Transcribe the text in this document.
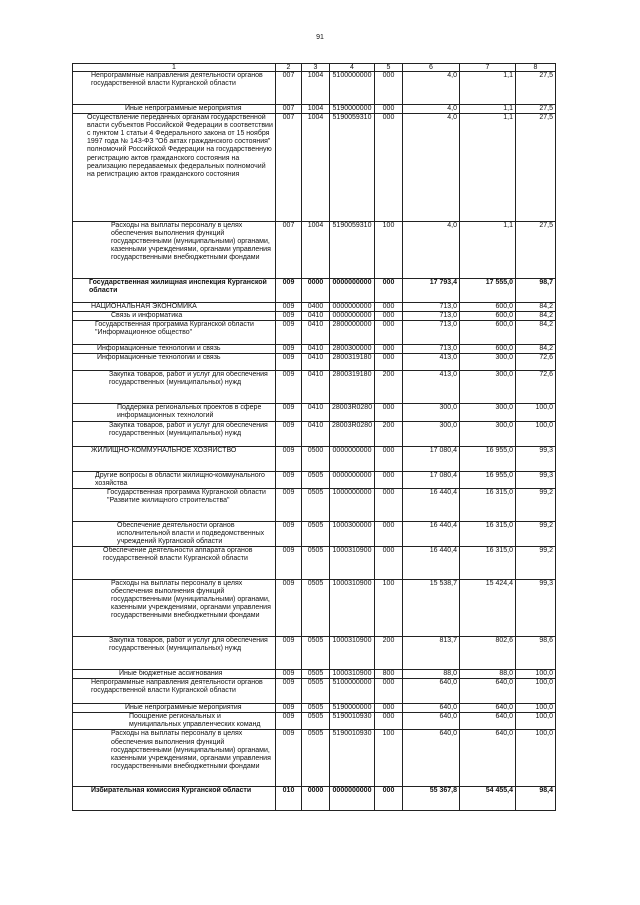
91
1	2	3	4	5	6	7	8
Непрограммные направления деятельности органов государственной власти Курганской области	007	1004	5100000000	000	4,0	1,1	27,5
Иные непрограммные мероприятия	007	1004	5190000000	000	4,0	1,1	27,5
Осуществление переданных органам государственной власти субъектов Российской Федерации в соответствии с пунктом 1 статьи 4 Федерального закона от 15 ноября 1997 года № 143-ФЗ "Об актах гражданского состояния" полномочий Российской Федерации на государственную регистрацию актов гражданского состояния на реализацию передаваемых федеральных полномочий на регистрацию актов гражданского состояния	007	1004	5190059310	000	4,0	1,1	27,5
Расходы на выплаты персоналу в целях обеспечения выполнения функций государственными (муниципальными) органами, казенными учреждениями, органами управления государственными внебюджетными фондами	007	1004	5190059310	100	4,0	1,1	27,5
Государственная жилищная инспекция Курганской области	009	0000	0000000000	000	17 793,4	17 555,0	98,7
НАЦИОНАЛЬНАЯ ЭКОНОМИКА	009	0400	0000000000	000	713,0	600,0	84,2
Связь и информатика	009	0410	0000000000	000	713,0	600,0	84,2
Государственная программа Курганской области "Информационное общество"	009	0410	2800000000	000	713,0	600,0	84,2
Информационные технологии и связь	009	0410	2800300000	000	713,0	600,0	84,2
Информационные технологии и связь	009	0410	2800319180	000	413,0	300,0	72,6
Закупка товаров, работ и услуг для обеспечения государственных (муниципальных) нужд	009	0410	2800319180	200	413,0	300,0	72,6
Поддержка региональных проектов в сфере информационных технологий	009	0410	28003R0280	000	300,0	300,0	100,0
Закупка товаров, работ и услуг для обеспечения государственных (муниципальных) нужд	009	0410	28003R0280	200	300,0	300,0	100,0
ЖИЛИЩНО-КОММУНАЛЬНОЕ ХОЗЯЙСТВО	009	0500	0000000000	000	17 080,4	16 955,0	99,3
Другие вопросы в области жилищно-коммунального хозяйства	009	0505	0000000000	000	17 080,4	16 955,0	99,3
Государственная программа Курганской области "Развитие жилищного строительства"	009	0505	1000000000	000	16 440,4	16 315,0	99,2
Обеспечение деятельности органов исполнительной власти и подведомственных учреждений Курганской области	009	0505	1000300000	000	16 440,4	16 315,0	99,2
Обеспечение деятельности аппарата органов государственной власти Курганской области	009	0505	1000310900	000	16 440,4	16 315,0	99,2
Расходы на выплаты персоналу в целях обеспечения выполнения функций государственными (муниципальными) органами, казенными учреждениями, органами управления государственными внебюджетными фондами	009	0505	1000310900	100	15 538,7	15 424,4	99,3
Закупка товаров, работ и услуг для обеспечения государственных (муниципальных) нужд	009	0505	1000310900	200	813,7	802,6	98,6
Иные бюджетные ассигнования	009	0505	1000310900	800	88,0	88,0	100,0
Непрограммные направления деятельности органов государственной власти Курганской области	009	0505	5100000000	000	640,0	640,0	100,0
Иные непрограммные мероприятия	009	0505	5190000000	000	640,0	640,0	100,0
Поощрение региональных и муниципальных управленческих команд	009	0505	5190010930	000	640,0	640,0	100,0
Расходы на выплаты персоналу в целях обеспечения выполнения функций государственными (муниципальными) органами, казенными учреждениями, органами управления государственными внебюджетными фондами	009	0505	5190010930	100	640,0	640,0	100,0
Избирательная комиссия Курганской области	010	0000	0000000000	000	55 367,8	54 455,4	98,4
